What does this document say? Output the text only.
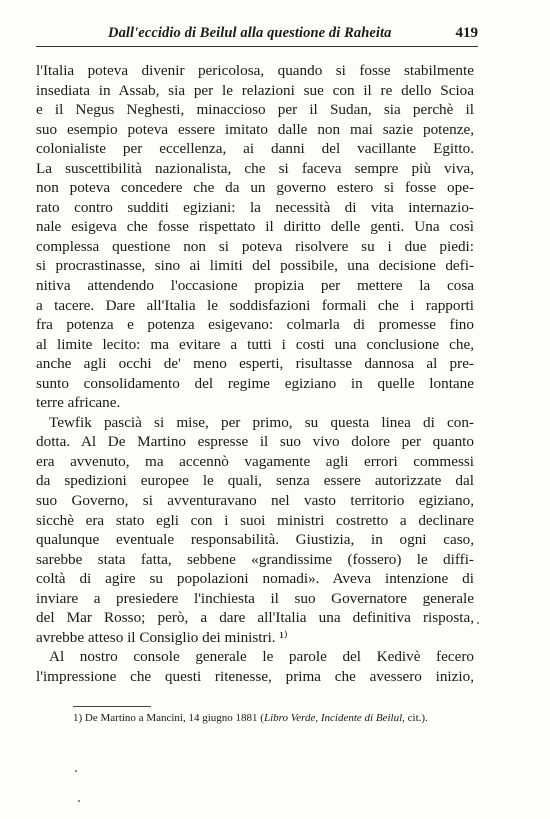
Dall'eccidio di Beilul alla questione di Raheita	419
l'Italia poteva divenir pericolosa, quando si fosse stabilmente
insediata in Assab, sia per le relazioni sue con il re dello Scioa
e il Negus Neghesti, minaccioso per il Sudan, sia perchè il
suo esempio poteva essere imitato dalle non mai sazie potenze,
colonialiste per eccellenza, ai danni del vacillante Egitto.
La suscettibilità nazionalista, che si faceva sempre più viva,
non poteva concedere che da un governo estero si fosse ope-
rato contro sudditi egiziani: la necessità di vita internazio-
nale esigeva che fosse rispettato il diritto delle genti. Una così
complessa questione non si poteva risolvere su i due piedi:
si procrastinasse, sino ai limiti del possibile, una decisione defi-
nitiva attendendo l'occasione propizia per mettere la cosa
a tacere. Dare all'Italia le soddisfazioni formali che i rapporti
fra potenza e potenza esigevano: colmarla di promesse fino
al limite lecito: ma evitare a tutti i costi una conclusione che,
anche agli occhi de' meno esperti, risultasse dannosa al pre-
sunto consolidamento del regime egiziano in quelle lontane
terre africane.
Tewfik pascià si mise, per primo, su questa linea di con-
dotta. Al De Martino espresse il suo vivo dolore per quanto
era avvenuto, ma accennò vagamente agli errori commessi
da spedizioni europee le quali, senza essere autorizzate dal
suo Governo, si avventuravano nel vasto territorio egiziano,
sicchè era stato egli con i suoi ministri costretto a declinare
qualunque eventuale responsabilità. Giustizia, in ogni caso,
sarebbe stata fatta, sebbene «grandissime (fossero) le diffi-
coltà di agire su popolazioni nomadi». Aveva intenzione di
inviare a presiedere l'inchiesta il suo Governatore generale
del Mar Rosso; però, a dare all'Italia una definitiva risposta,
avrebbe atteso il Consiglio dei ministri. ¹⁾
Al nostro console generale le parole del Kedivè fecero
l'impressione che questi ritenesse, prima che avessero inizio,
1) De Martino a Mancini, 14 giugno 1881 (Libro Verde, Incidente di Beilul, cit.).
